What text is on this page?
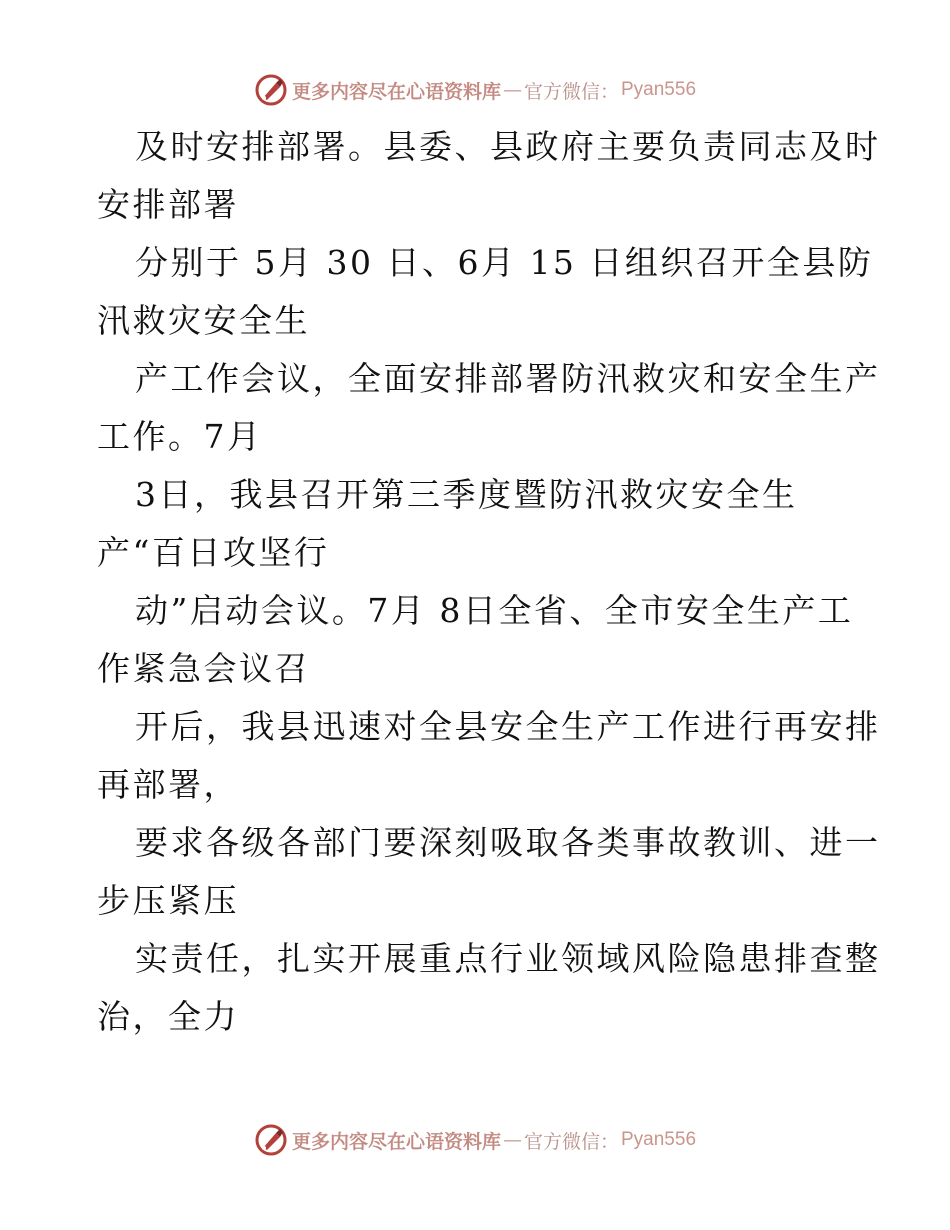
更多内容尽在心语资料库 — 官方微信： Pyan556

及时安排部署。县委、县政府主要负责同志及时
安排部署

分别于 5月 30 日、6月 15 日组织召开全县防
汛救灾安全生

产工作会议，全面安排部署防汛救灾和安全生产
工作。7月

3日，我县召开第三季度暨防汛救灾安全生
产“百日攻坚行

动”启动会议。7月 8日全省、全市安全生产工
作紧急会议召

开后，我县迅速对全县安全生产工作进行再安排
再部署，

要求各级各部门要深刻吸取各类事故教训、进一
步压紧压

实责任，扎实开展重点行业领域风险隐患排查整
治，全力

更多内容尽在心语资料库 — 官方微信： Pyan556
